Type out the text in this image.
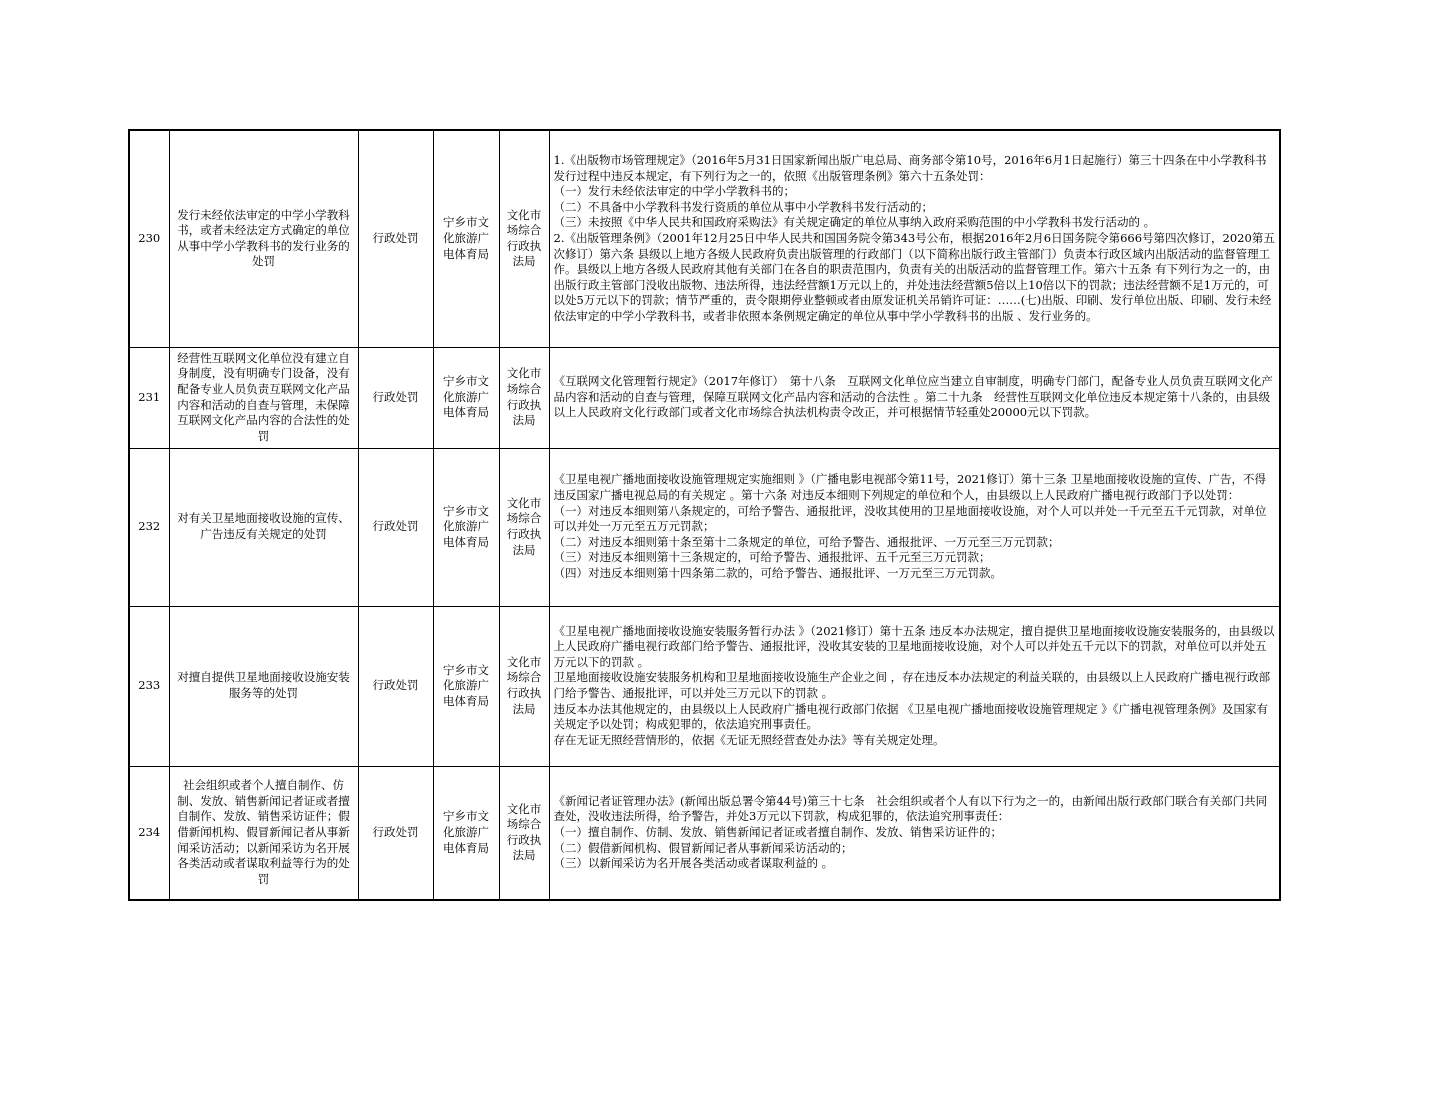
230	发行未经依法审定的中学小学教科书，或者未经法定方式确定的单位从事中学小学教科书的发行业务的处罚	行政处罚	宁乡市文化旅游广电体育局	文化市场综合行政执法局	1.《出版物市场管理规定》（2016年5月31日国家新闻出版广电总局、商务部令第10号，2016年6月1日起施行）第三十四条在中小学教科书发行过程中违反本规定，有下列行为之一的，依照《出版管理条例》第六十五条处罚：

（一）发行未经依法审定的中学小学教科书的；

（二）不具备中小学教科书发行资质的单位从事中小学教科书发行活动的；

（三）未按照《中华人民共和国政府采购法》有关规定确定的单位从事纳入政府采购范围的中小学教科书发行活动的 。

2.《出版管理条例》（2001年12月25日中华人民共和国国务院令第343号公布，根据2016年2月6日国务院令第666号第四次修订，2020第五次修订）第六条 县级以上地方各级人民政府负责出版管理的行政部门（以下简称出版行政主管部门）负责本行政区域内出版活动的监督管理工作。县级以上地方各级人民政府其他有关部门在各自的职责范围内，负责有关的出版活动的监督管理工作。第六十五条 有下列行为之一的，由出版行政主管部门没收出版物、违法所得，违法经营额1万元以上的，并处违法经营额5倍以上10倍以下的罚款；违法经营额不足1万元的，可以处5万元以下的罚款；情节严重的，责令限期停业整顿或者由原发证机关吊销许可证：……(七)出版、印刷、发行单位出版、印刷、发行未经依法审定的中学小学教科书，或者非依照本条例规定确定的单位从事中学小学教科书的出版 、发行业务的。

231	经营性互联网文化单位没有建立自身制度，没有明确专门设备，没有配备专业人员负责互联网文化产品内容和活动的自查与管理，未保障互联网文化产品内容的合法性的处罚	行政处罚	宁乡市文化旅游广电体育局	文化市场综合行政执法局	《互联网文化管理暂行规定》（2017年修订）　第十八条　互联网文化单位应当建立自审制度，明确专门部门，配备专业人员负责互联网文化产品内容和活动的自查与管理，保障互联网文化产品内容和活动的合法性 。第二十九条　经营性互联网文化单位违反本规定第十八条的，由县级以上人民政府文化行政部门或者文化市场综合执法机构责令改正，并可根据情节轻重处20000元以下罚款。

232	对有关卫星地面接收设施的宣传、广告违反有关规定的处罚	行政处罚	宁乡市文化旅游广电体育局	文化市场综合行政执法局	《卫星电视广播地面接收设施管理规定实施细则 》（广播电影电视部令第11号，2021修订）第十三条 卫星地面接收设施的宣传、广告，不得违反国家广播电视总局的有关规定 。第十六条 对违反本细则下列规定的单位和个人，由县级以上人民政府广播电视行政部门予以处罚：

（一）对违反本细则第八条规定的，可给予警告、通报批评，没收其使用的卫星地面接收设施，对个人可以并处一千元至五千元罚款，对单位可以并处一万元至五万元罚款；

（二）对违反本细则第十条至第十二条规定的单位，可给予警告、通报批评、一万元至三万元罚款；

（三）对违反本细则第十三条规定的，可给予警告、通报批评、五千元至三万元罚款；

（四）对违反本细则第十四条第二款的，可给予警告、通报批评、一万元至三万元罚款。

233	对擅自提供卫星地面接收设施安装服务等的处罚	行政处罚	宁乡市文化旅游广电体育局	文化市场综合行政执法局	《卫星电视广播地面接收设施安装服务暂行办法 》（2021修订）第十五条 违反本办法规定，擅自提供卫星地面接收设施安装服务的，由县级以上人民政府广播电视行政部门给予警告、通报批评，没收其安装的卫星地面接收设施，对个人可以并处五千元以下的罚款，对单位可以并处五万元以下的罚款 。

卫星地面接收设施安装服务机构和卫星地面接收设施生产企业之间 ，存在违反本办法规定的利益关联的，由县级以上人民政府广播电视行政部门给予警告、通报批评，可以并处三万元以下的罚款 。

违反本办法其他规定的，由县级以上人民政府广播电视行政部门依据 《卫星电视广播地面接收设施管理规定 》《广播电视管理条例》及国家有关规定予以处罚；构成犯罪的，依法追究刑事责任。

存在无证无照经营情形的，依据《无证无照经营查处办法》等有关规定处理。

234	社会组织或者个人擅自制作、仿制、发放、销售新闻记者证或者擅自制作、发放、销售采访证件；假借新闻机构、假冒新闻记者从事新闻采访活动；以新闻采访为名开展各类活动或者谋取利益等行为的处罚	行政处罚	宁乡市文化旅游广电体育局	文化市场综合行政执法局	《新闻记者证管理办法》(新闻出版总署令第44号)第三十七条　社会组织或者个人有以下行为之一的，由新闻出版行政部门联合有关部门共同查处，没收违法所得，给予警告，并处3万元以下罚款，构成犯罪的，依法追究刑事责任：

（一）擅自制作、仿制、发放、销售新闻记者证或者擅自制作、发放、销售采访证件的；

（二）假借新闻机构、假冒新闻记者从事新闻采访活动的；

（三）以新闻采访为名开展各类活动或者谋取利益的 。
